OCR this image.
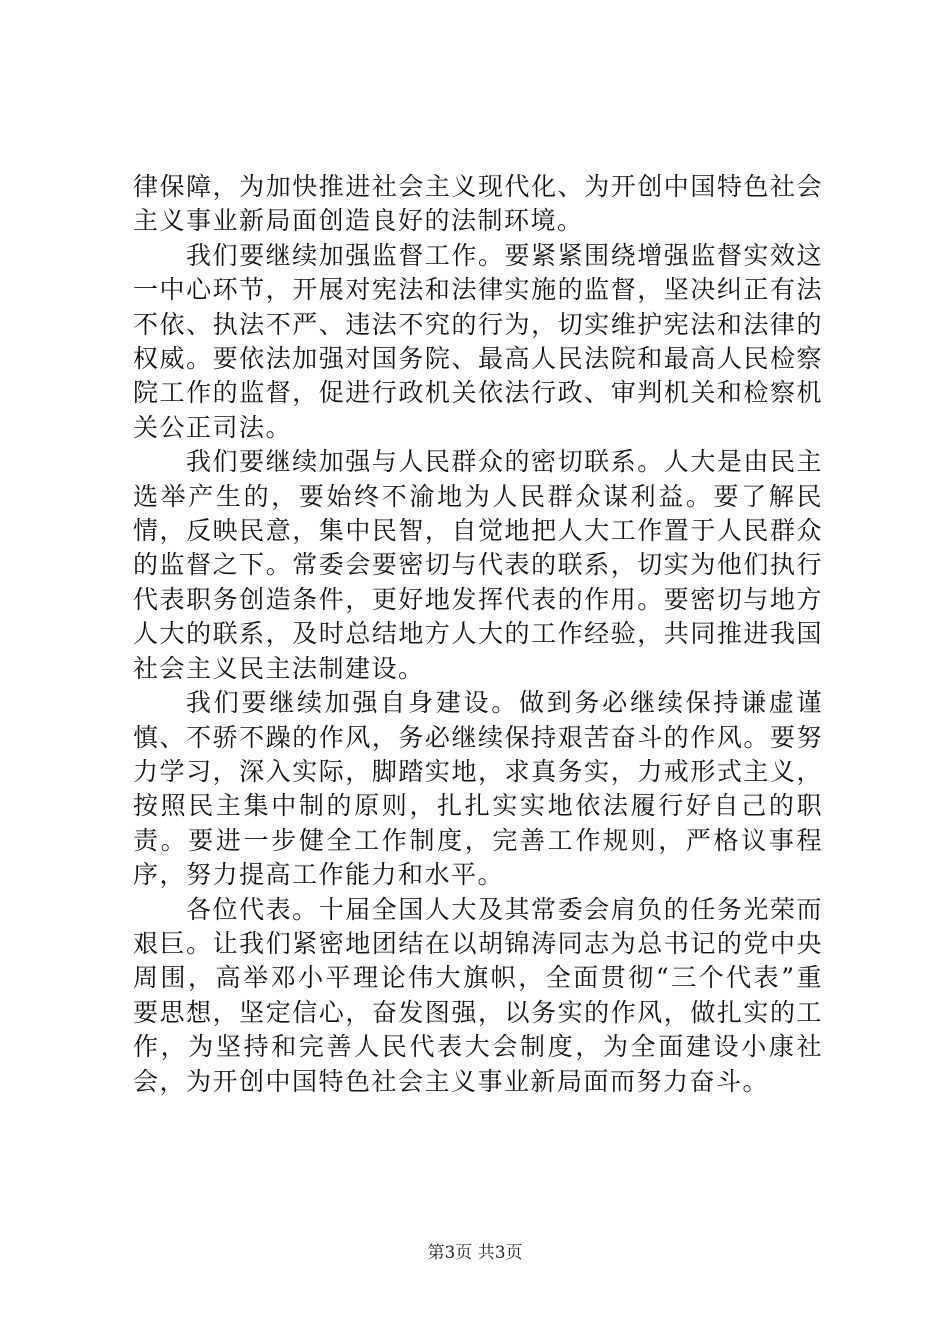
律保障，为加快推进社会主义现代化、为开创中国特色社会主义事业新局面创造良好的法制环境。

我们要继续加强监督工作。要紧紧围绕增强监督实效这一中心环节，开展对宪法和法律实施的监督，坚决纠正有法不依、执法不严、违法不究的行为，切实维护宪法和法律的权威。要依法加强对国务院、最高人民法院和最高人民检察院工作的监督，促进行政机关依法行政、审判机关和检察机关公正司法。

我们要继续加强与人民群众的密切联系。人大是由民主选举产生的，要始终不渝地为人民群众谋利益。要了解民情，反映民意，集中民智，自觉地把人大工作置于人民群众的监督之下。常委会要密切与代表的联系，切实为他们执行代表职务创造条件，更好地发挥代表的作用。要密切与地方人大的联系，及时总结地方人大的工作经验，共同推进我国社会主义民主法制建设。

我们要继续加强自身建设。做到务必继续保持谦虚谨慎、不骄不躁的作风，务必继续保持艰苦奋斗的作风。要努力学习，深入实际，脚踏实地，求真务实，力戒形式主义，按照民主集中制的原则，扎扎实实地依法履行好自己的职责。要进一步健全工作制度，完善工作规则，严格议事程序，努力提高工作能力和水平。

各位代表。十届全国人大及其常委会肩负的任务光荣而艰巨。让我们紧密地团结在以胡锦涛同志为总书记的党中央周围，高举邓小平理论伟大旗帜，全面贯彻“三个代表”重要思想，坚定信心，奋发图强，以务实的作风，做扎实的工作，为坚持和完善人民代表大会制度，为全面建设小康社会，为开创中国特色社会主义事业新局面而努力奋斗。

第3页 共3页
